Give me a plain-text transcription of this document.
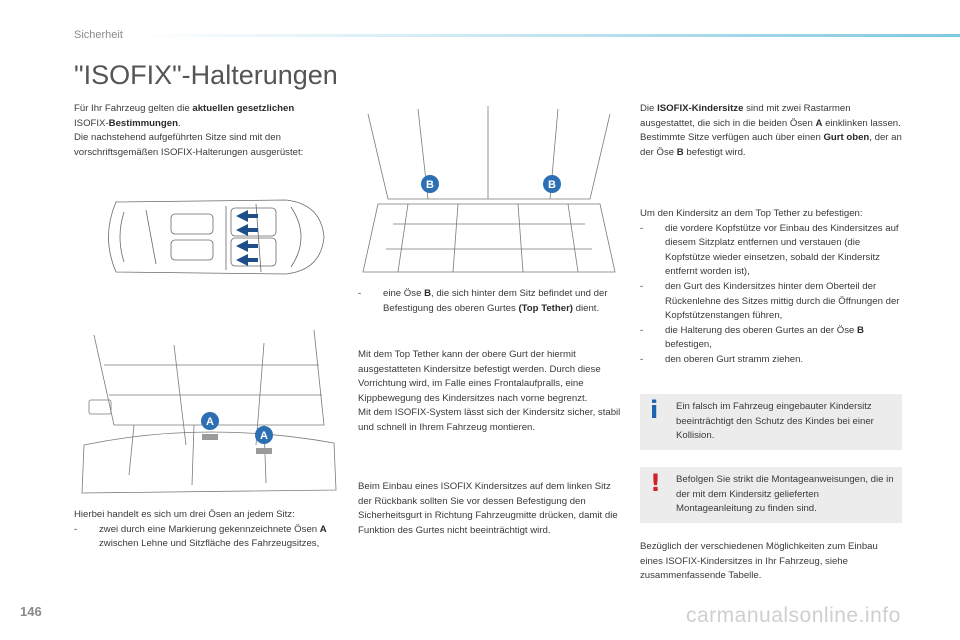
Sicherheit
"ISOFIX"-Halterungen

Für Ihr Fahrzeug gelten die aktuellen gesetzlichen
ISOFIX-Bestimmungen.

Die nachstehend aufgeführten Sitze sind mit den vorschriftsgemäßen ISOFIX-Halterungen ausgerüstet:

A
A

Hierbei handelt es sich um drei Ösen an jedem Sitz:

- zwei durch eine Markierung gekennzeichnete Ösen A zwischen Lehne und Sitzfläche des Fahrzeugsitzes,

B	B

- eine Öse B, die sich hinter dem Sitz befindet und der Befestigung des oberen Gurtes (Top Tether) dient.

Mit dem Top Tether kann der obere Gurt der hiermit ausgestatteten Kindersitze befestigt werden. Durch diese Vorrichtung wird, im Falle eines Frontalaufpralls, eine Kippbewegung des Kindersitzes nach vorne begrenzt.

Mit dem ISOFIX-System lässt sich der Kindersitz sicher, stabil und schnell in Ihrem Fahrzeug montieren.

Beim Einbau eines ISOFIX Kindersitzes auf dem linken Sitz der Rückbank sollten Sie vor dessen Befestigung den Sicherheitsgurt in Richtung Fahrzeugmitte drücken, damit die Funktion des Gurtes nicht beeinträchtigt wird.

Die ISOFIX-Kindersitze sind mit zwei Rastarmen ausgestattet, die sich in die beiden Ösen A einklinken lassen.

Bestimmte Sitze verfügen auch über einen Gurt oben, der an der Öse B befestigt wird.

Um den Kindersitz an dem Top Tether zu befestigen:

- die vordere Kopfstütze vor Einbau des Kindersitzes auf diesem Sitzplatz entfernen und verstauen (die Kopfstütze wieder einsetzen, sobald der Kindersitz entfernt worden ist),

- den Gurt des Kindersitzes hinter dem Oberteil der Rückenlehne des Sitzes mittig durch die Öffnungen der Kopfstützenstangen führen,

- die Halterung des oberen Gurtes an der Öse B befestigen,

- den oberen Gurt stramm ziehen.

i Ein falsch im Fahrzeug eingebauter Kindersitz beeinträchtigt den Schutz des Kindes bei einer Kollision.
! Befolgen Sie strikt die Montageanweisungen, die in der mit dem Kindersitz gelieferten Montageanleitung zu finden sind.

Bezüglich der verschiedenen Möglichkeiten zum Einbau eines ISOFIX-Kindersitzes in Ihr Fahrzeug, siehe zusammenfassende Tabelle.

146	carmanualsonline.info
